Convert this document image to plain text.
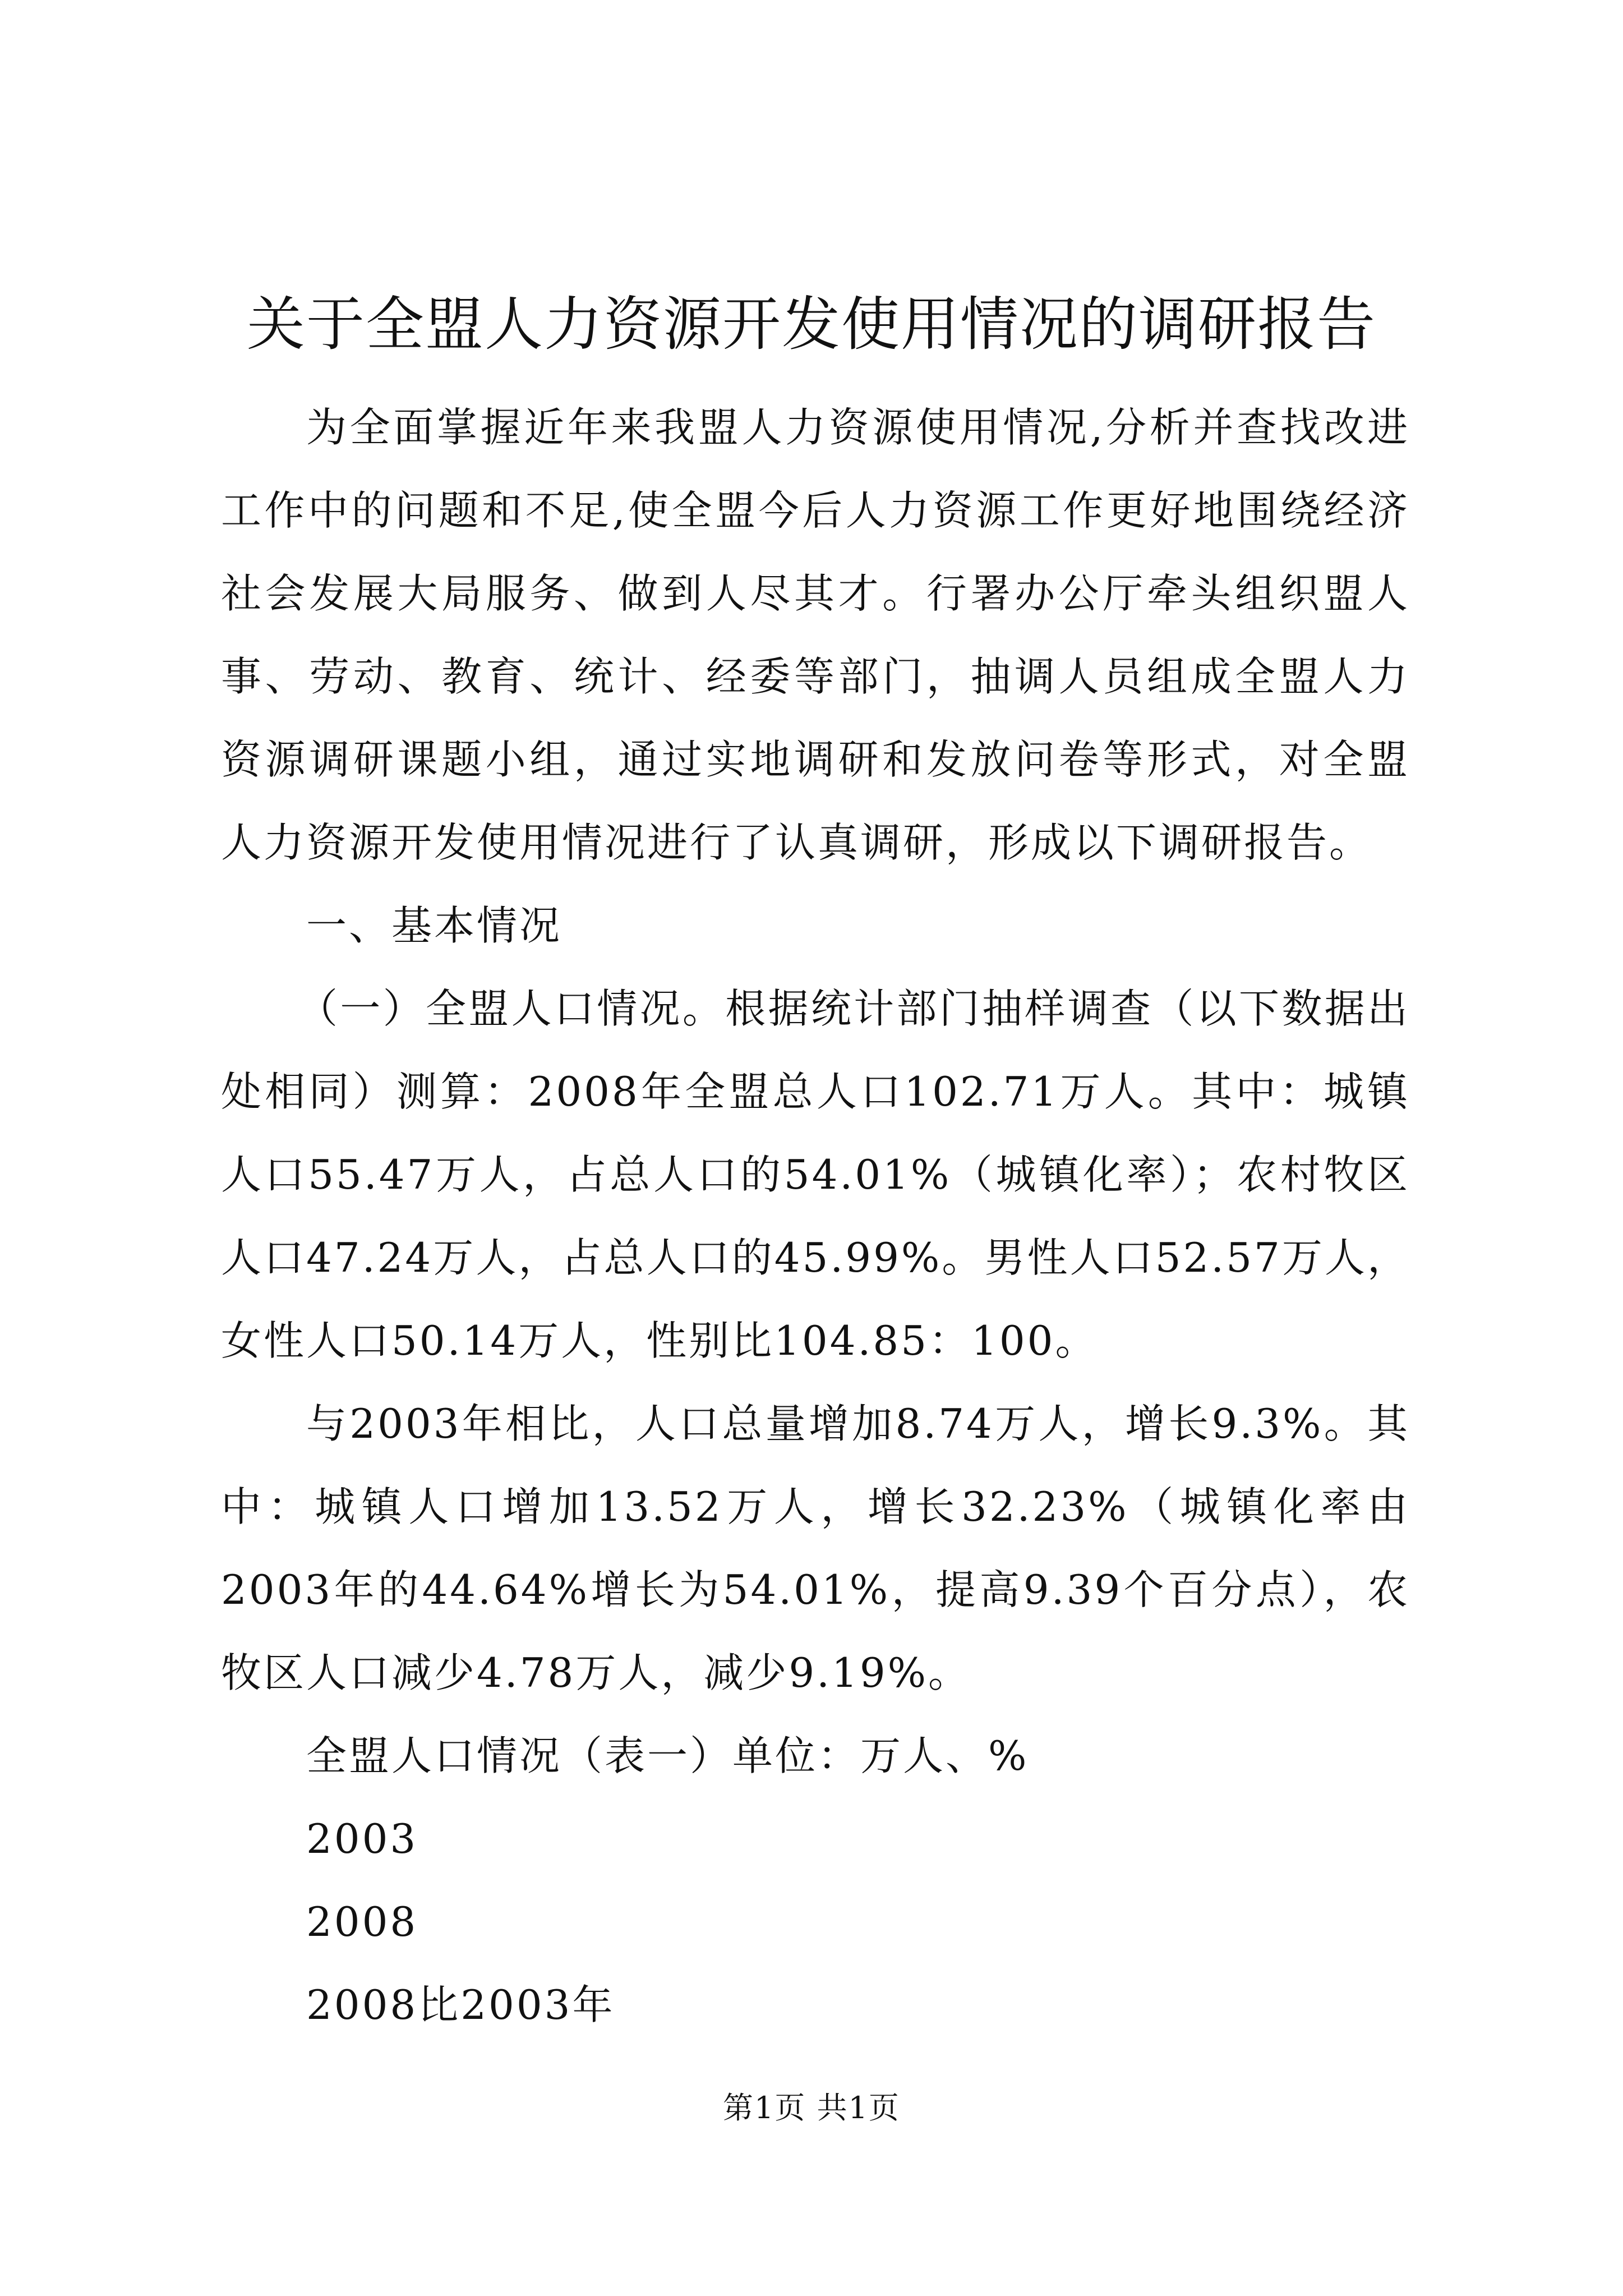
关于全盟人力资源开发使用情况的调研报告

为全面掌握近年来我盟人力资源使用情况,分析并查找改进工作中的问题和不足,使全盟今后人力资源工作更好地围绕经济社会发展大局服务、做到人尽其才。行署办公厅牵头组织盟人事、劳动、教育、统计、经委等部门，抽调人员组成全盟人力资源调研课题小组，通过实地调研和发放问卷等形式，对全盟人力资源开发使用情况进行了认真调研，形成以下调研报告。

一、基本情况

（一）全盟人口情况。根据统计部门抽样调查（以下数据出处相同）测算：2008年全盟总人口102.71万人。其中：城镇人口55.47万人，占总人口的54.01%（城镇化率）；农村牧区人口47.24万人，占总人口的45.99%。男性人口52.57万人，女性人口50.14万人，性别比104.85：100。

与2003年相比，人口总量增加8.74万人，增长9.3%。其中：城镇人口增加13.52万人，增长32.23%（城镇化率由2003年的44.64%增长为54.01%，提高9.39个百分点），农牧区人口减少4.78万人，减少9.19%。

全盟人口情况（表一）单位：万人、%

2003

2008

2008比2003年

第1页 共1页
